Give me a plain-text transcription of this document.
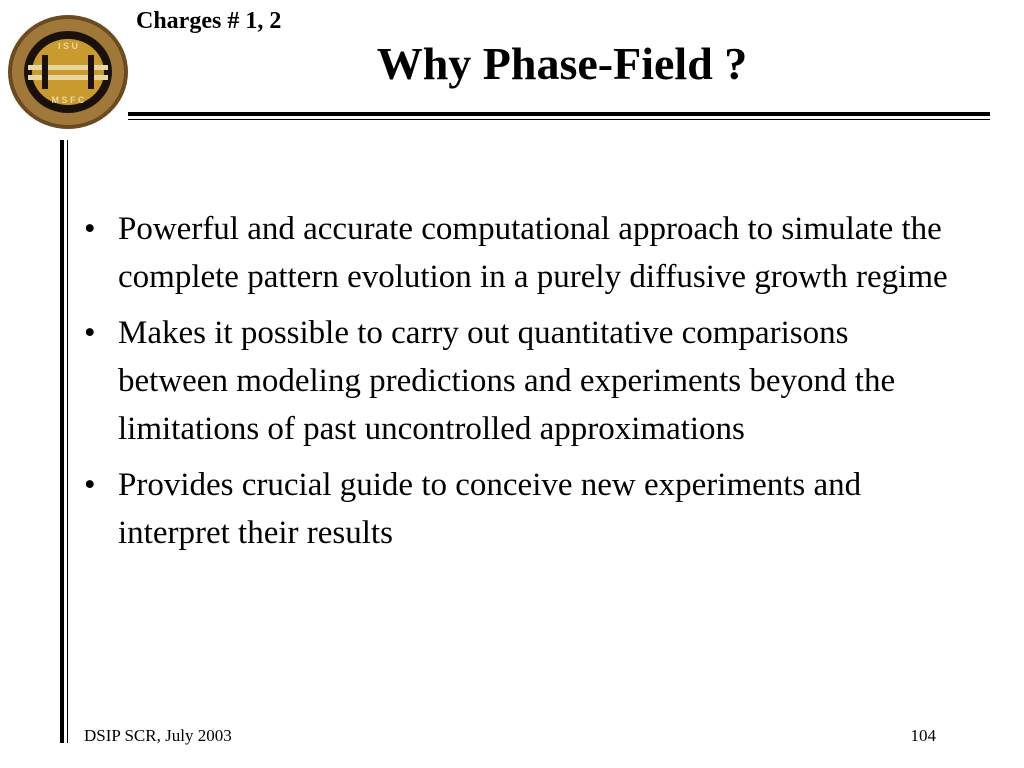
I S U
M S F C
Charges # 1, 2
Why Phase-Field ?
• Powerful and accurate computational approach to simulate the complete pattern evolution in a purely diffusive growth regime
• Makes it possible to carry out quantitative comparisons between modeling predictions and experiments beyond the limitations of past uncontrolled approximations
• Provides crucial guide to conceive new experiments and interpret their results
DSIP SCR, July 2003	104
